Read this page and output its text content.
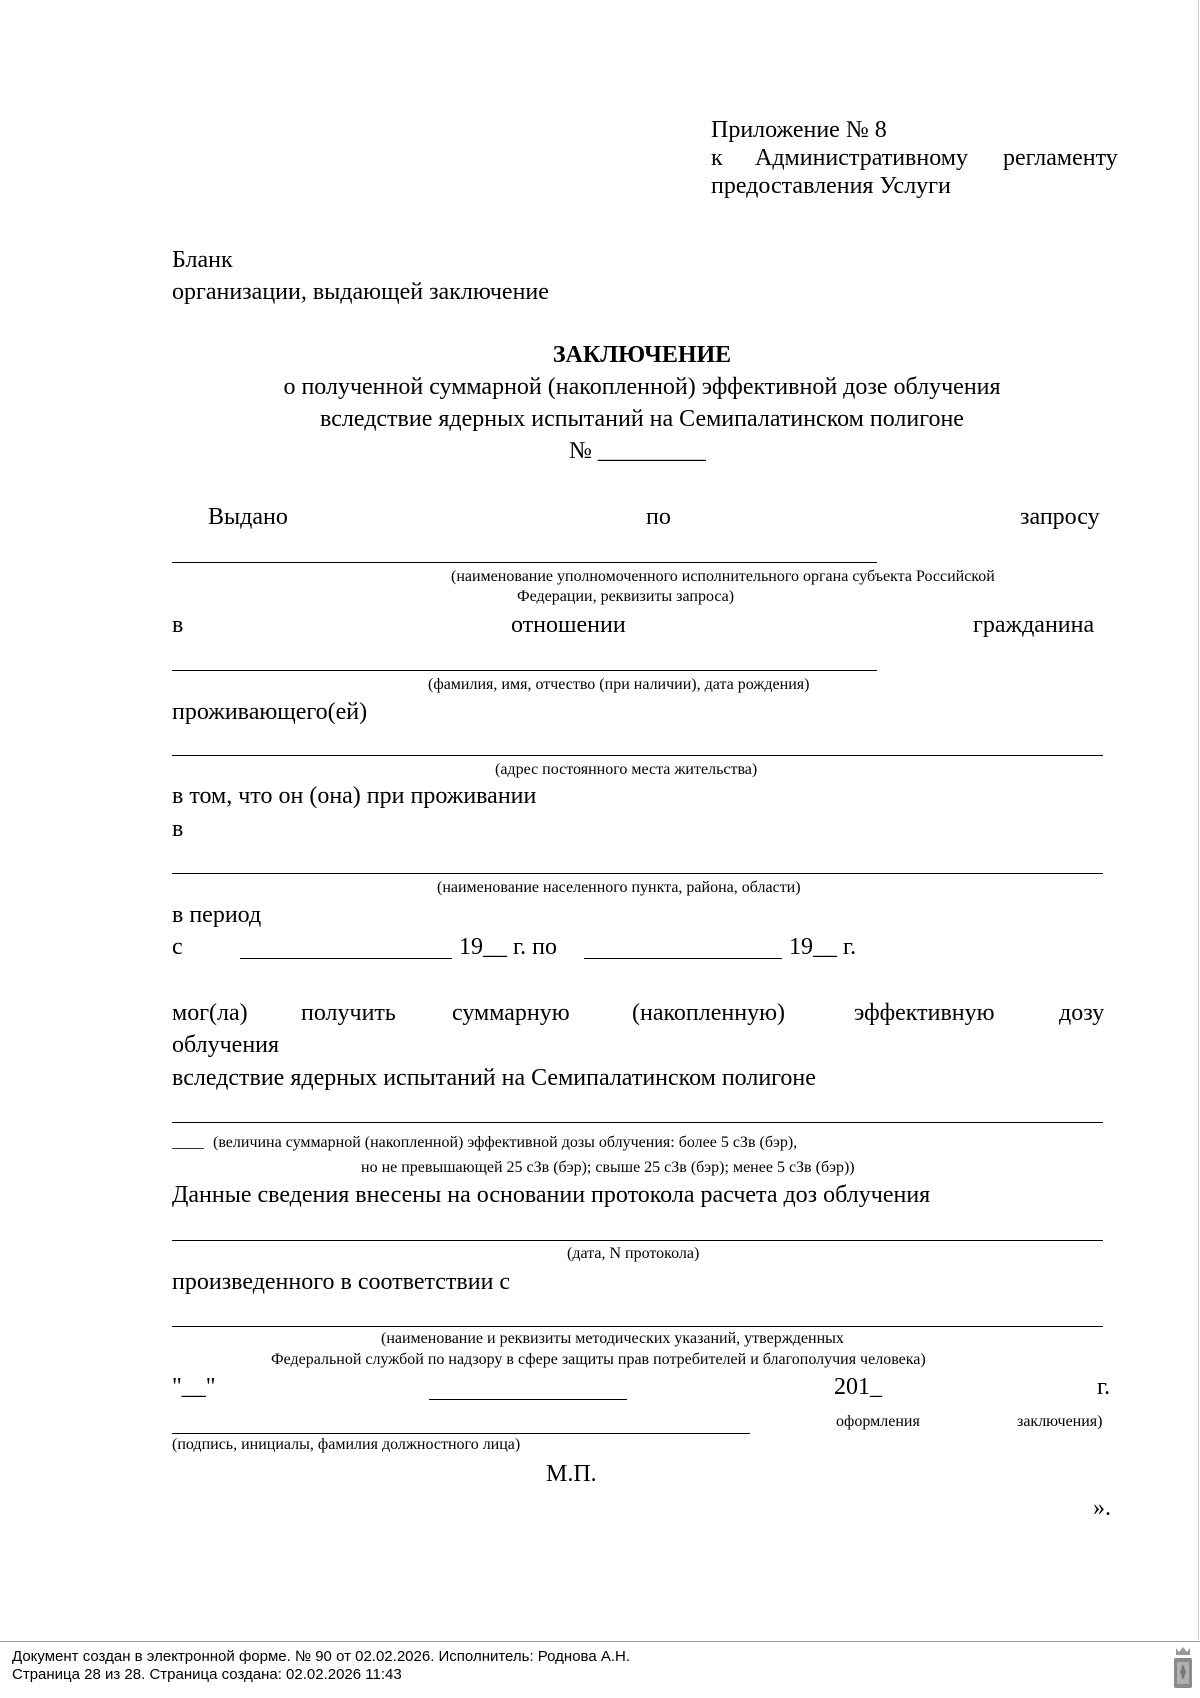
Приложение № 8
к Административному регламенту
предоставления Услуги
Бланк
организации, выдающей заключение
ЗАКЛЮЧЕНИЕ
о полученной суммарной (накопленной) эффективной дозе облучения
вследствие ядерных испытаний на Семипалатинском полигоне
№ _________
Выдано	по	запросу
(наименование уполномоченного исполнительного органа субъекта Российской
Федерации, реквизиты запроса)
в	отношении	гражданина
(фамилия, имя, отчество (при наличии), дата рождения)
проживающего(ей)
(адрес постоянного места жительства)
в том, что он (она) при проживании
в
(наименование населенного пункта, района, области)
в период
с	19__ г. по	19__ г.
мог(ла) получить суммарную	(накопленную)	эффективную	дозу
облучения
вследствие ядерных испытаний на Семипалатинском полигоне
____ (величина суммарной (накопленной) эффективной дозы облучения: более 5 сЗв (бэр),
но не превышающей 25 сЗв (бэр); свыше 25 сЗв (бэр); менее 5 сЗв (бэр))
Данные сведения внесены на основании протокола расчета доз облучения
(дата, N протокола)
произведенного в соответствии с
(наименование и реквизиты методических указаний, утвержденных
Федеральной службой по надзору в сфере защиты прав потребителей и благополучия человека)
"__"	201_	г.
оформления	заключения)
(подпись, инициалы, фамилия должностного лица)
М.П.
».
Документ создан в электронной форме. № 90 от 02.02.2026. Исполнитель: Роднова А.Н.
Страница 28 из 28. Страница создана: 02.02.2026 11:43
